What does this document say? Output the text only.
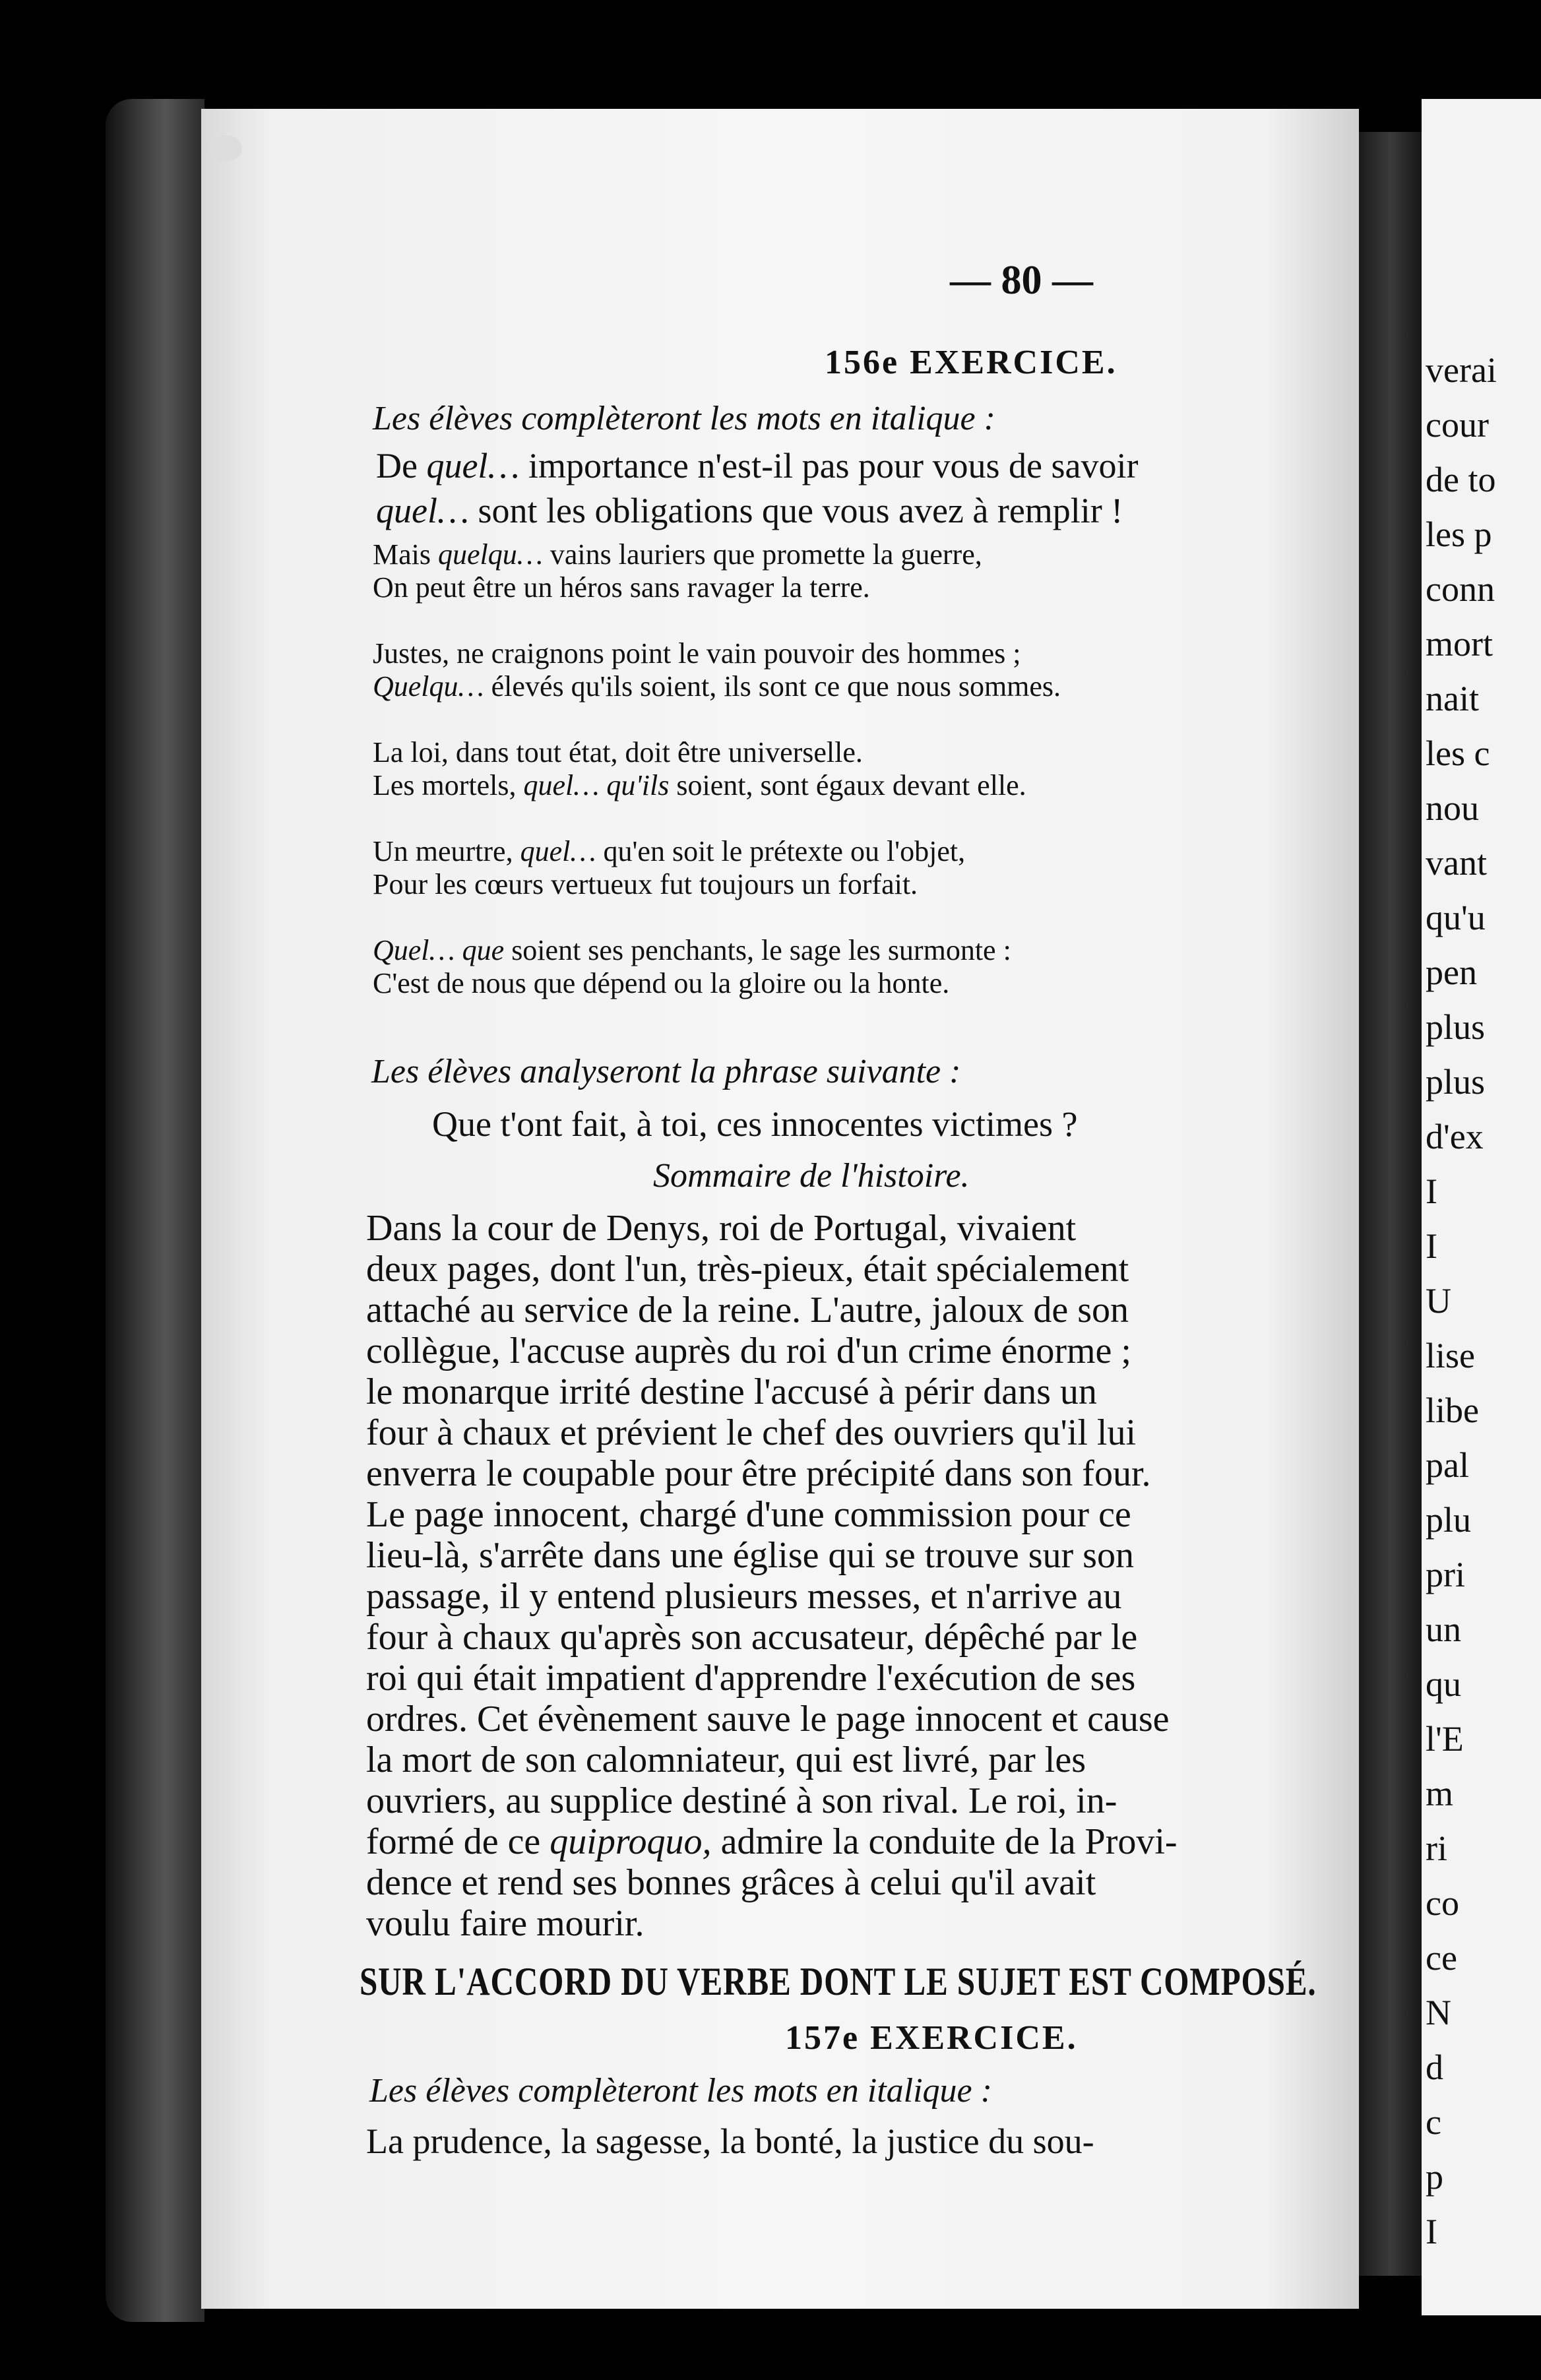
verai
cour
de to
les p
conn
mort
nait
les c
nou
vant
qu'u
pen
plus
plus
d'ex
I
I
U
lise
libe
pal
plu
pri
un
qu
l'E
m
ri
co
ce
N
d
c
p
I
— 80 —
156e EXERCICE.
Les élèves complèteront les mots en italique :
De quel… importance n'est-il pas pour vous de savoir
quel… sont les obligations que vous avez à remplir !
Mais quelqu… vains lauriers que promette la guerre,
On peut être un héros sans ravager la terre.
Justes, ne craignons point le vain pouvoir des hommes ;
Quelqu… élevés qu'ils soient, ils sont ce que nous sommes.
La loi, dans tout état, doit être universelle.
Les mortels, quel… qu'ils soient, sont égaux devant elle.
Un meurtre, quel… qu'en soit le prétexte ou l'objet,
Pour les cœurs vertueux fut toujours un forfait.
Quel… que soient ses penchants, le sage les surmonte :
C'est de nous que dépend ou la gloire ou la honte.
Les élèves analyseront la phrase suivante :
Que t'ont fait, à toi, ces innocentes victimes ?
Sommaire de l'histoire.
Dans la cour de Denys, roi de Portugal, vivaient
deux pages, dont l'un, très-pieux, était spécialement
attaché au service de la reine. L'autre, jaloux de son
collègue, l'accuse auprès du roi d'un crime énorme ;
le monarque irrité destine l'accusé à périr dans un
four à chaux et prévient le chef des ouvriers qu'il lui
enverra le coupable pour être précipité dans son four.
Le page innocent, chargé d'une commission pour ce
lieu-là, s'arrête dans une église qui se trouve sur son
passage, il y entend plusieurs messes, et n'arrive au
four à chaux qu'après son accusateur, dépêché par le
roi qui était impatient d'apprendre l'exécution de ses
ordres. Cet évènement sauve le page innocent et cause
la mort de son calomniateur, qui est livré, par les
ouvriers, au supplice destiné à son rival. Le roi, in-
formé de ce quiproquo, admire la conduite de la Provi-
dence et rend ses bonnes grâces à celui qu'il avait
voulu faire mourir.
SUR L'ACCORD DU VERBE DONT LE SUJET EST COMPOSÉ.
157e EXERCICE.
Les élèves complèteront les mots en italique :
La prudence, la sagesse, la bonté, la justice du sou-
